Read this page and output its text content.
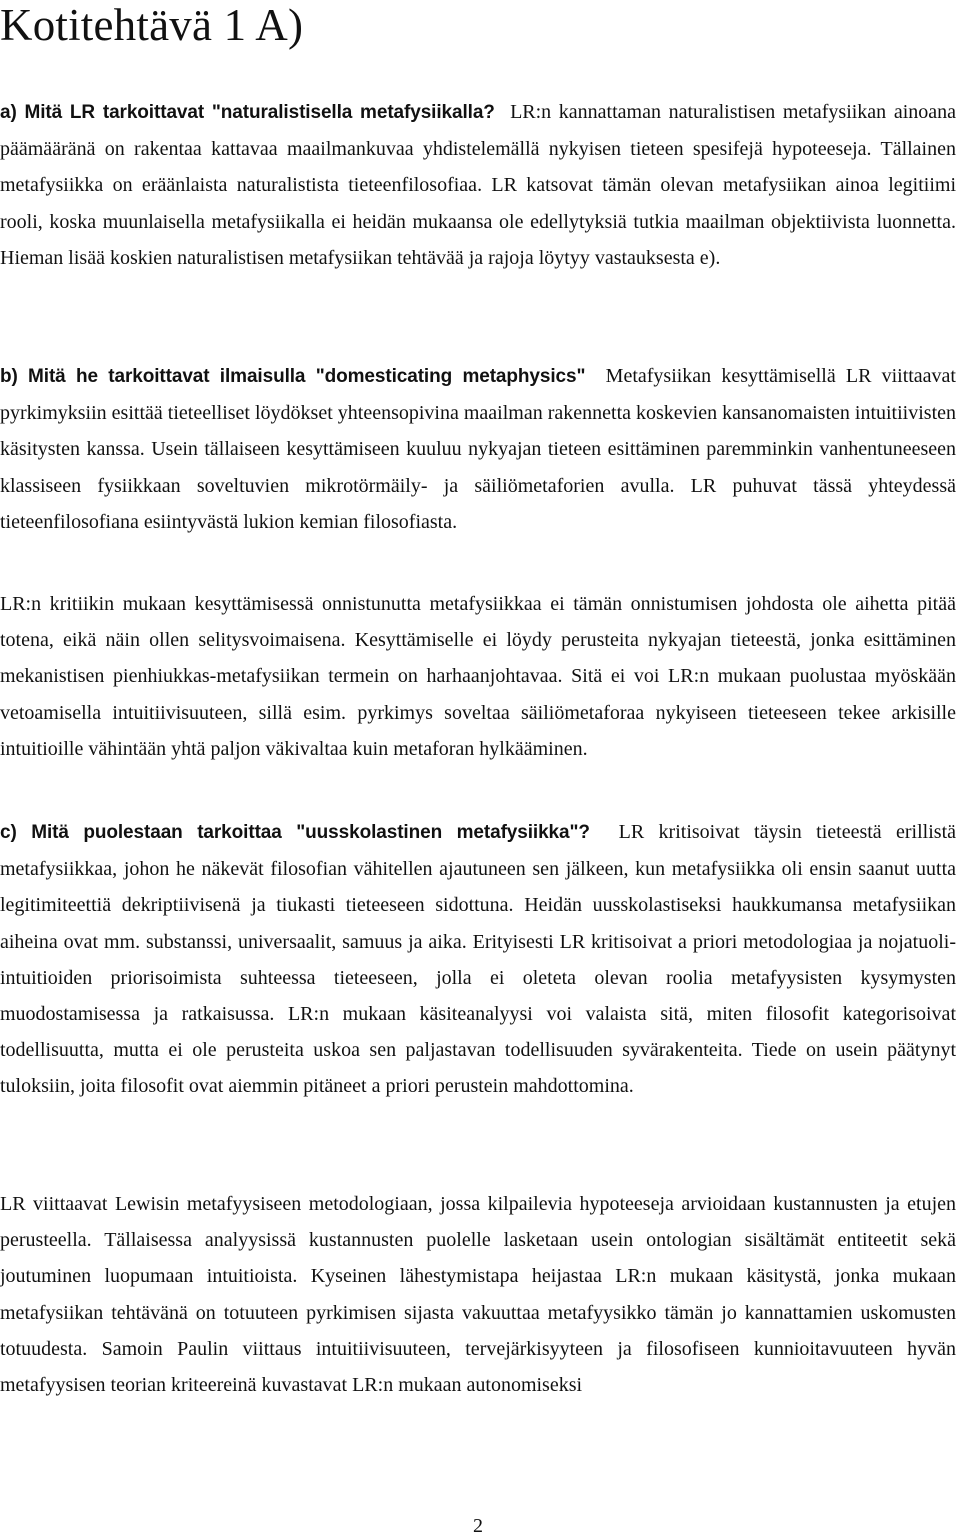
Kotitehtävä 1 A)

a) Mitä LR tarkoittavat "naturalistisella metafysiikalla? LR:n kannattaman naturalistisen metafysiikan ainoana päämääränä on rakentaa kattavaa maailmankuvaa yhdistelemällä nykyisen tieteen spesifejä hypoteeseja. Tällainen metafysiikka on eräänlaista naturalistista tieteenfilosofiaa. LR katsovat tämän olevan metafysiikan ainoa legitiimi rooli, koska muunlaisella metafysiikalla ei heidän mukaansa ole edellytyksiä tutkia maailman objektiivista luonnetta. Hieman lisää koskien naturalistisen metafysiikan tehtävää ja rajoja löytyy vastauksesta e).

b) Mitä he tarkoittavat ilmaisulla "domesticating metaphysics" Metafysiikan kesyttämisellä LR viittaavat pyrkimyksiin esittää tieteelliset löydökset yhteensopivina maailman rakennetta koskevien kansanomaisten intuitiivisten käsitysten kanssa. Usein tällaiseen kesyttämiseen kuuluu nykyajan tieteen esittäminen paremminkin vanhentuneeseen klassiseen fysiikkaan soveltuvien mikrotörmäily- ja säiliömetaforien avulla. LR puhuvat tässä yhteydessä tieteenfilosofiana esiintyvästä lukion kemian filosofiasta.

LR:n kritiikin mukaan kesyttämisessä onnistunutta metafysiikkaa ei tämän onnistumisen johdosta ole aihetta pitää totena, eikä näin ollen selitysvoimaisena. Kesyttämiselle ei löydy perusteita nykyajan tieteestä, jonka esittäminen mekanistisen pienhiukkas-metafysiikan termein on harhaanjohtavaa. Sitä ei voi LR:n mukaan puolustaa myöskään vetoamisella intuitiivisuuteen, sillä esim. pyrkimys soveltaa säiliömetaforaa nykyiseen tieteeseen tekee arkisille intuitioille vähintään yhtä paljon väkivaltaa kuin metaforan hylkääminen.

c) Mitä puolestaan tarkoittaa "uusskolastinen metafysiikka"? LR kritisoivat täysin tieteestä erillistä metafysiikkaa, johon he näkevät filosofian vähitellen ajautuneen sen jälkeen, kun metafysiikka oli ensin saanut uutta legitimiteettiä dekriptiivisenä ja tiukasti tieteeseen sidottuna. Heidän uusskolastiseksi haukkumansa metafysiikan aiheina ovat mm. substanssi, universaalit, samuus ja aika. Erityisesti LR kritisoivat a priori metodologiaa ja nojatuoli-intuitioiden priorisoimista suhteessa tieteeseen, jolla ei oleteta olevan roolia metafyysisten kysymysten muodostamisessa ja ratkaisussa. LR:n mukaan käsiteanalyysi voi valaista sitä, miten filosofit kategorisoivat todellisuutta, mutta ei ole perusteita uskoa sen paljastavan todellisuuden syvärakenteita. Tiede on usein päätynyt tuloksiin, joita filosofit ovat aiemmin pitäneet a priori perustein mahdottomina.

LR viittaavat Lewisin metafyysiseen metodologiaan, jossa kilpailevia hypoteeseja arvioidaan kustannusten ja etujen perusteella. Tällaisessa analyysissä kustannusten puolelle lasketaan usein ontologian sisältämät entiteetit sekä joutuminen luopumaan intuitioista. Kyseinen lähestymistapa heijastaa LR:n mukaan käsitystä, jonka mukaan metafysiikan tehtävänä on totuuteen pyrkimisen sijasta vakuuttaa metafyysikko tämän jo kannattamien uskomusten totuudesta. Samoin Paulin viittaus intuitiivisuuteen, tervejärkisyyteen ja filosofiseen kunnioitavuuteen hyvän metafyysisen teorian kriteereinä kuvastavat LR:n mukaan autonomiseksi

2
